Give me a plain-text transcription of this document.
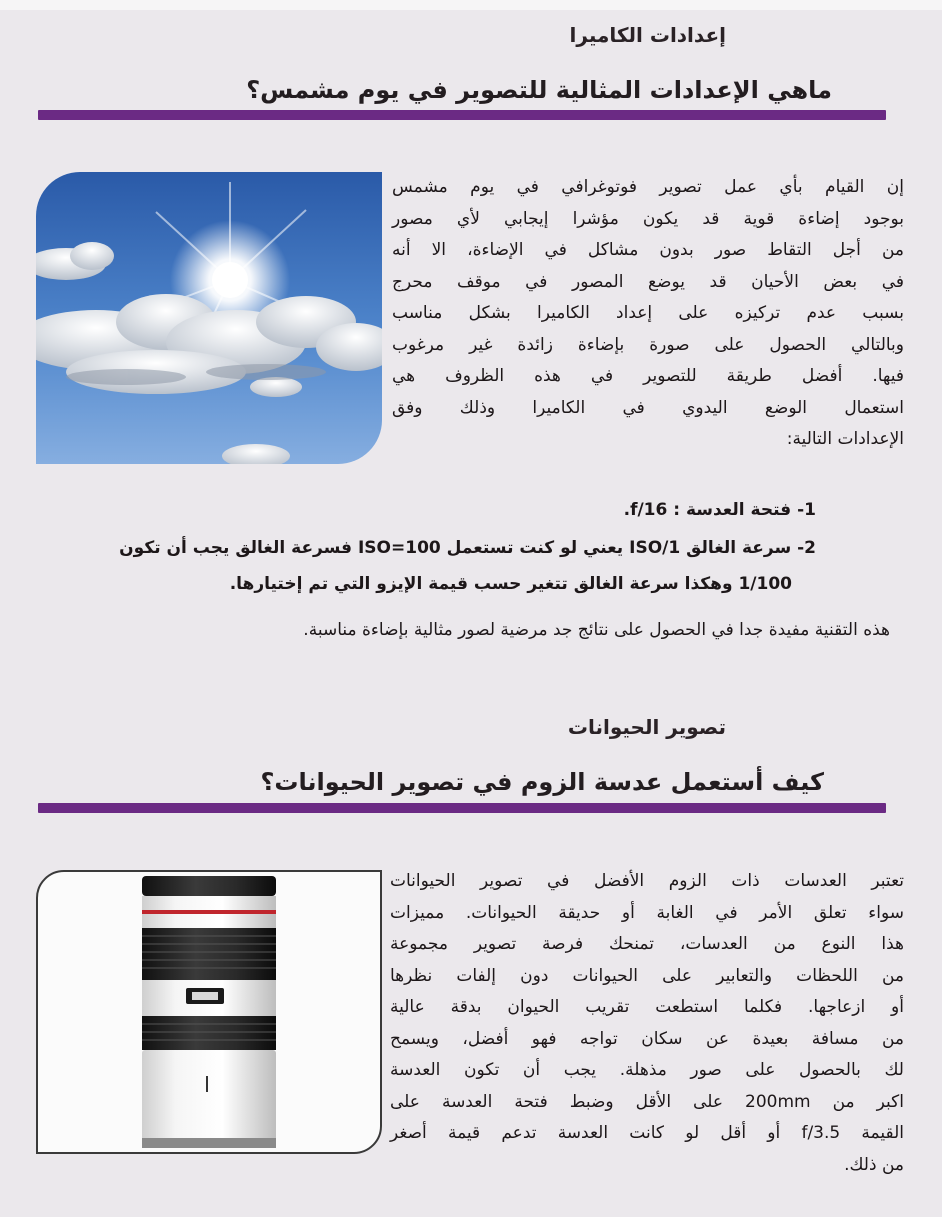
إعدادات الكاميرا
ماهي الإعدادات المثالية للتصوير في يوم مشمس؟
إن القيام بأي عمل تصوير فوتوغرافي في يوم مشمس
بوجود إضاءة قوية قد يكون مؤشرا إيجابي لأي مصور
من أجل التقاط صور بدون مشاكل في الإضاءة، الا أنه
في بعض الأحيان قد يوضع المصور في موقف محرج
بسبب عدم تركيزه على إعداد الكاميرا بشكل مناسب
وبالتالي الحصول على صورة بإضاءة زائدة غير مرغوب
فيها. أفضل طريقة للتصوير في هذه الظروف هي
استعمال الوضع اليدوي في الكاميرا وذلك وفق
الإعدادات التالية:
1- فتحة العدسة : f/16.
2- سرعة الغالق 1/ISO يعني لو كنت تستعمل ISO=100 فسرعة الغالق يجب أن تكون
1/100 وهكذا سرعة الغالق تتغير حسب قيمة الإيزو التي تم إختيارها.
هذه التقنية مفيدة جدا في الحصول على نتائج جد مرضية لصور مثالية بإضاءة مناسبة.
تصوير الحيوانات
كيف أستعمل عدسة الزوم في تصوير الحيوانات؟
تعتبر العدسات ذات الزوم الأفضل في تصوير الحيوانات
سواء تعلق الأمر في الغابة أو حديقة الحيوانات. مميزات
هذا النوع من العدسات، تمنحك فرصة تصوير مجموعة
من اللحظات والتعابير على الحيوانات دون إلفات نظرها
أو ازعاجها. فكلما استطعت تقريب الحيوان بدقة عالية
من مسافة بعيدة عن سكان تواجه فهو أفضل، ويسمح
لك بالحصول على صور مذهلة. يجب أن تكون العدسة
اكبر من 200mm على الأقل وضبط فتحة العدسة على
القيمة f/3.5 أو أقل لو كانت العدسة تدعم قيمة أصغر
من ذلك.
